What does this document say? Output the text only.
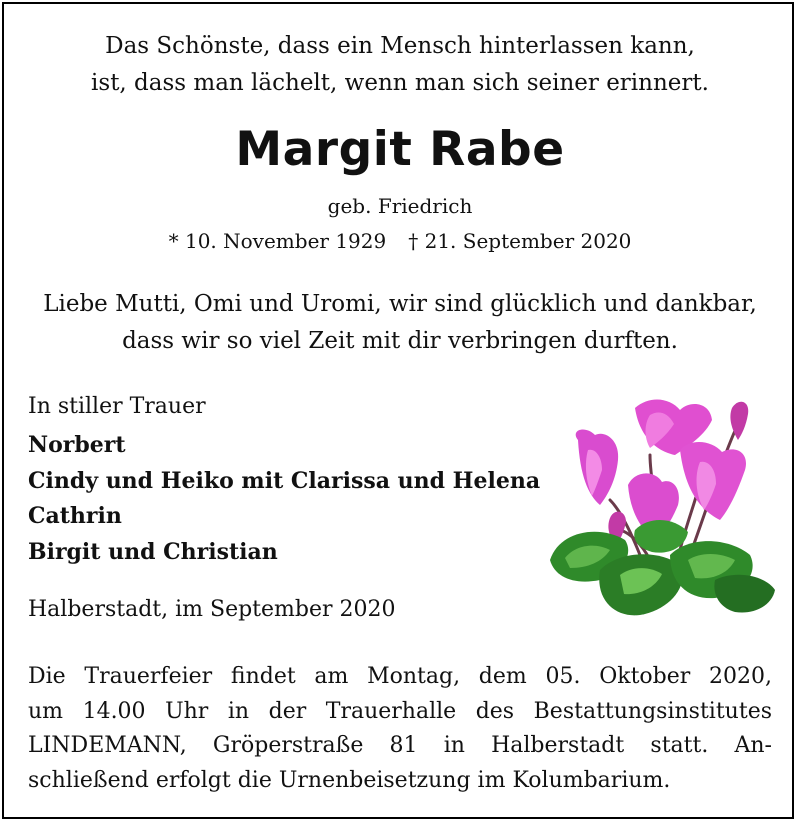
Das Schönste, dass ein Mensch hinterlassen kann,
ist, dass man lächelt, wenn man sich seiner erinnert.
Margit Rabe
geb. Friedrich
* 10. November 1929 † 21. September 2020
Liebe Mutti, Omi und Uromi, wir sind glücklich und dankbar,
dass wir so viel Zeit mit dir verbringen durften.
In stiller Trauer
Norbert
Cindy und Heiko mit Clarissa und Helena
Cathrin
Birgit und Christian
Halberstadt, im September 2020
Die Trauerfeier findet am Montag, dem 05. Oktober 2020,
um 14.00 Uhr in der Trauerhalle des Bestattungsinstitutes
LINDEMANN, Gröperstraße 81 in Halberstadt statt. An-
schließend erfolgt die Urnenbeisetzung im Kolumbarium.
